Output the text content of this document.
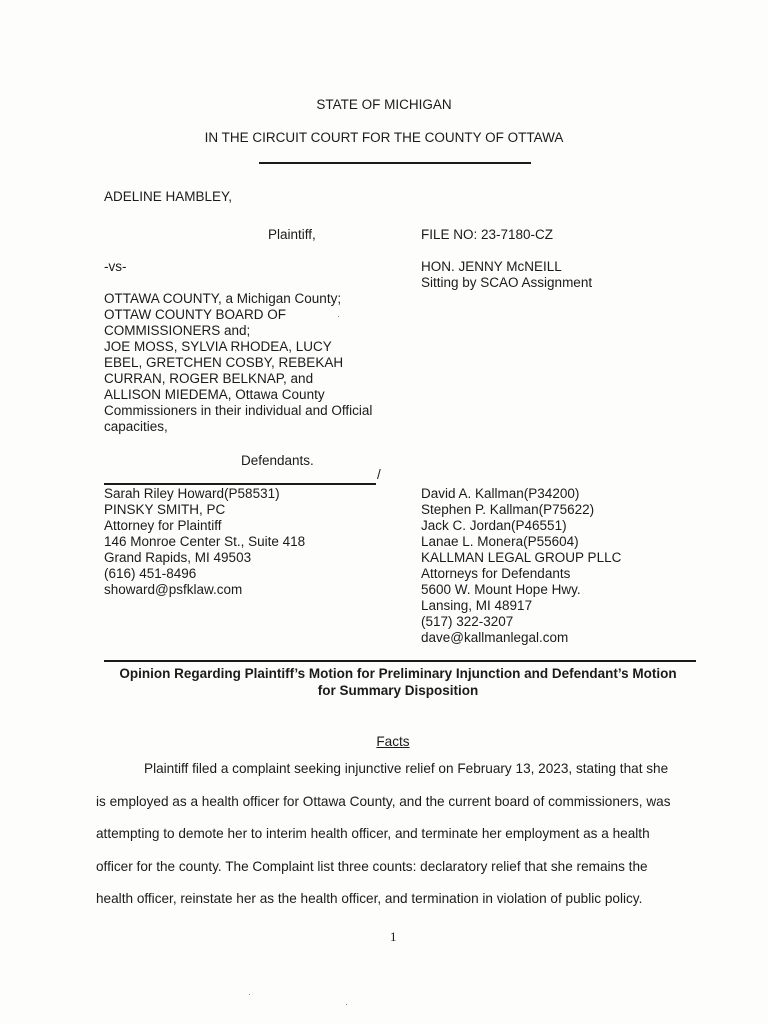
STATE OF MICHIGAN
IN THE CIRCUIT COURT FOR THE COUNTY OF OTTAWA
ADELINE HAMBLEY,
Plaintiff,	FILE NO: 23-7180-CZ
-vs-	HON. JENNY McNEILL
Sitting by SCAO Assignment
OTTAWA COUNTY, a Michigan County;
OTTAW COUNTY BOARD OF
COMMISSIONERS and;
JOE MOSS, SYLVIA RHODEA, LUCY
EBEL, GRETCHEN COSBY, REBEKAH
CURRAN, ROGER BELKNAP, and
ALLISON MIEDEMA, Ottawa County
Commissioners in their individual and Official
capacities,
Defendants.
/
Sarah Riley Howard(P58531)
PINSKY SMITH, PC
Attorney for Plaintiff
146 Monroe Center St., Suite 418
Grand Rapids, MI 49503
(616) 451-8496
showard@psfklaw.com
David A. Kallman(P34200)
Stephen P. Kallman(P75622)
Jack C. Jordan(P46551)
Lanae L. Monera(P55604)
KALLMAN LEGAL GROUP PLLC
Attorneys for Defendants
5600 W. Mount Hope Hwy.
Lansing, MI 48917
(517) 322-3207
dave@kallmanlegal.com
Opinion Regarding Plaintiff’s Motion for Preliminary Injunction and Defendant’s Motion
for Summary Disposition
Facts
Plaintiff filed a complaint seeking injunctive relief on February 13, 2023, stating that she
is employed as a health officer for Ottawa County, and the current board of commissioners, was
attempting to demote her to interim health officer, and terminate her employment as a health
officer for the county. The Complaint list three counts: declaratory relief that she remains the
health officer, reinstate her as the health officer, and termination in violation of public policy.
1
